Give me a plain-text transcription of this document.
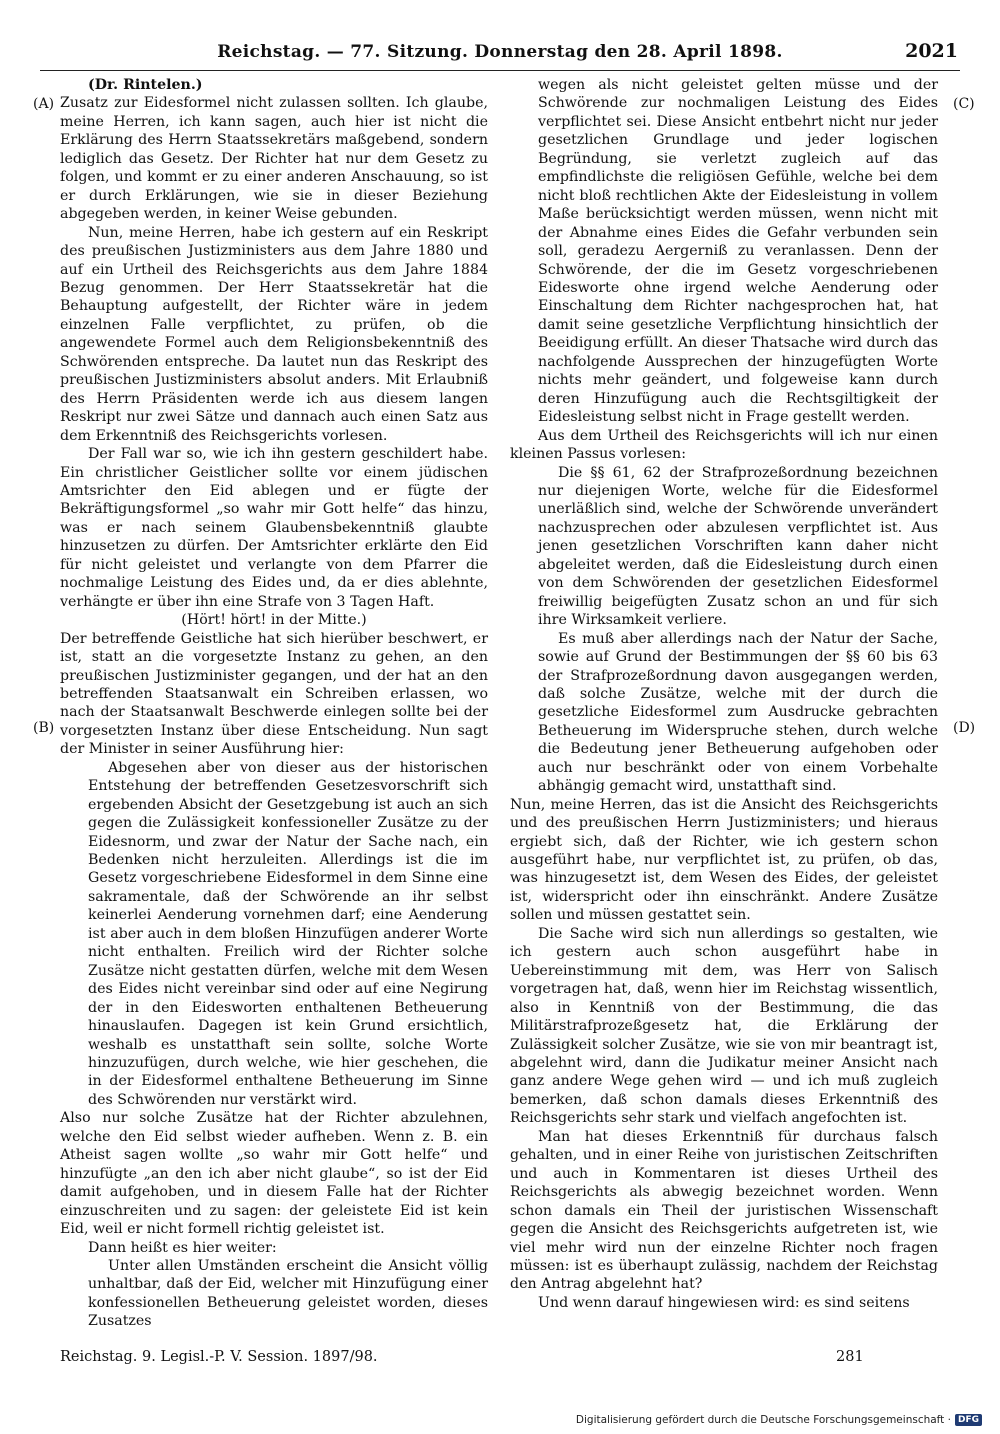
Reichstag. — 77. Sitzung. Donnerstag den 28. April 1898.	2021
(A)
(B)
(C)
(D)

(Dr. Rintelen.)

Zusatz zur Eidesformel nicht zulassen sollten. Ich glaube, meine Herren, ich kann sagen, auch hier ist nicht die Erklärung des Herrn Staatssekretärs maßgebend, sondern lediglich das Gesetz. Der Richter hat nur dem Gesetz zu folgen, und kommt er zu einer anderen Anschauung, so ist er durch Erklärungen, wie sie in dieser Beziehung abgegeben werden, in keiner Weise gebunden.

Nun, meine Herren, habe ich gestern auf ein Reskript des preußischen Justizministers aus dem Jahre 1880 und auf ein Urtheil des Reichsgerichts aus dem Jahre 1884 Bezug genommen. Der Herr Staatssekretär hat die Behauptung aufgestellt, der Richter wäre in jedem einzelnen Falle verpflichtet, zu prüfen, ob die angewendete Formel auch dem Religionsbekenntniß des Schwörenden entspreche. Da lautet nun das Reskript des preußischen Justizministers absolut anders. Mit Erlaubniß des Herrn Präsidenten werde ich aus diesem langen Reskript nur zwei Sätze und dannach auch einen Satz aus dem Erkenntniß des Reichsgerichts vorlesen.

Der Fall war so, wie ich ihn gestern geschildert habe. Ein christlicher Geistlicher sollte vor einem jüdischen Amtsrichter den Eid ablegen und er fügte der Bekräftigungsformel „so wahr mir Gott helfe“ das hinzu, was er nach seinem Glaubensbekenntniß glaubte hinzusetzen zu dürfen. Der Amtsrichter erklärte den Eid für nicht geleistet und verlangte von dem Pfarrer die nochmalige Leistung des Eides und, da er dies ablehnte, verhängte er über ihn eine Strafe von 3 Tagen Haft.

(Hört! hört! in der Mitte.)

Der betreffende Geistliche hat sich hierüber beschwert, er ist, statt an die vorgesetzte Instanz zu gehen, an den preußischen Justizminister gegangen, und der hat an den betreffenden Staatsanwalt ein Schreiben erlassen, wo nach der Staatsanwalt Beschwerde einlegen sollte bei der vorgesetzten Instanz über diese Entscheidung. Nun sagt der Minister in seiner Ausführung hier:

Abgesehen aber von dieser aus der historischen Entstehung der betreffenden Gesetzesvorschrift sich ergebenden Absicht der Gesetzgebung ist auch an sich gegen die Zulässigkeit konfessioneller Zusätze zu der Eidesnorm, und zwar der Natur der Sache nach, ein Bedenken nicht herzuleiten. Allerdings ist die im Gesetz vorgeschriebene Eidesformel in dem Sinne eine sakramentale, daß der Schwörende an ihr selbst keinerlei Aenderung vornehmen darf; eine Aenderung ist aber auch in dem bloßen Hinzufügen anderer Worte nicht enthalten. Freilich wird der Richter solche Zusätze nicht gestatten dürfen, welche mit dem Wesen des Eides nicht vereinbar sind oder auf eine Negirung der in den Eidesworten enthaltenen Betheuerung hinauslaufen. Dagegen ist kein Grund ersichtlich, weshalb es unstatthaft sein sollte, solche Worte hinzuzufügen, durch welche, wie hier geschehen, die in der Eidesformel enthaltene Betheuerung im Sinne des Schwörenden nur verstärkt wird.

Also nur solche Zusätze hat der Richter abzulehnen, welche den Eid selbst wieder aufheben. Wenn z. B. ein Atheist sagen wollte „so wahr mir Gott helfe“ und hinzufügte „an den ich aber nicht glaube“, so ist der Eid damit aufgehoben, und in diesem Falle hat der Richter einzuschreiten und zu sagen: der geleistete Eid ist kein Eid, weil er nicht formell richtig geleistet ist.

Dann heißt es hier weiter:

Unter allen Umständen erscheint die Ansicht völlig unhaltbar, daß der Eid, welcher mit Hinzufügung einer konfessionellen Betheuerung geleistet worden, dieses Zusatzes

wegen als nicht geleistet gelten müsse und der Schwörende zur nochmaligen Leistung des Eides verpflichtet sei. Diese Ansicht entbehrt nicht nur jeder gesetzlichen Grundlage und jeder logischen Begründung, sie verletzt zugleich auf das empfindlichste die religiösen Gefühle, welche bei dem nicht bloß rechtlichen Akte der Eidesleistung in vollem Maße berücksichtigt werden müssen, wenn nicht mit der Abnahme eines Eides die Gefahr verbunden sein soll, geradezu Aergerniß zu veranlassen. Denn der Schwörende, der die im Gesetz vorgeschriebenen Eidesworte ohne irgend welche Aenderung oder Einschaltung dem Richter nachgesprochen hat, hat damit seine gesetzliche Verpflichtung hinsichtlich der Beeidigung erfüllt. An dieser Thatsache wird durch das nachfolgende Aussprechen der hinzugefügten Worte nichts mehr geändert, und folgeweise kann durch deren Hinzufügung auch die Rechtsgiltigkeit der Eidesleistung selbst nicht in Frage gestellt werden.

Aus dem Urtheil des Reichsgerichts will ich nur einen kleinen Passus vorlesen:

Die §§ 61, 62 der Strafprozeßordnung bezeichnen nur diejenigen Worte, welche für die Eidesformel unerläßlich sind, welche der Schwörende unverändert nachzusprechen oder abzulesen verpflichtet ist. Aus jenen gesetzlichen Vorschriften kann daher nicht abgeleitet werden, daß die Eidesleistung durch einen von dem Schwörenden der gesetzlichen Eidesformel freiwillig beigefügten Zusatz schon an und für sich ihre Wirksamkeit verliere.

Es muß aber allerdings nach der Natur der Sache, sowie auf Grund der Bestimmungen der §§ 60 bis 63 der Strafprozeßordnung davon ausgegangen werden, daß solche Zusätze, welche mit der durch die gesetzliche Eidesformel zum Ausdrucke gebrachten Betheuerung im Widerspruche stehen, durch welche die Bedeutung jener Betheuerung aufgehoben oder auch nur beschränkt oder von einem Vorbehalte abhängig gemacht wird, unstatthaft sind.

Nun, meine Herren, das ist die Ansicht des Reichsgerichts und des preußischen Herrn Justizministers; und hieraus ergiebt sich, daß der Richter, wie ich gestern schon ausgeführt habe, nur verpflichtet ist, zu prüfen, ob das, was hinzugesetzt ist, dem Wesen des Eides, der geleistet ist, widerspricht oder ihn einschränkt. Andere Zusätze sollen und müssen gestattet sein.

Die Sache wird sich nun allerdings so gestalten, wie ich gestern auch schon ausgeführt habe in Uebereinstimmung mit dem, was Herr von Salisch vorgetragen hat, daß, wenn hier im Reichstag wissentlich, also in Kenntniß von der Bestimmung, die das Militärstrafprozeßgesetz hat, die Erklärung der Zulässigkeit solcher Zusätze, wie sie von mir beantragt ist, abgelehnt wird, dann die Judikatur meiner Ansicht nach ganz andere Wege gehen wird — und ich muß zugleich bemerken, daß schon damals dieses Erkenntniß des Reichsgerichts sehr stark und vielfach angefochten ist.

Man hat dieses Erkenntniß für durchaus falsch gehalten, und in einer Reihe von juristischen Zeitschriften und auch in Kommentaren ist dieses Urtheil des Reichsgerichts als abwegig bezeichnet worden. Wenn schon damals ein Theil der juristischen Wissenschaft gegen die Ansicht des Reichsgerichts aufgetreten ist, wie viel mehr wird nun der einzelne Richter noch fragen müssen: ist es überhaupt zulässig, nachdem der Reichstag den Antrag abgelehnt hat?

Und wenn darauf hingewiesen wird: es sind seitens

Reichstag. 9. Legisl.-P. V. Session. 1897/98.	281
Digitalisierung gefördert durch die Deutsche Forschungsgemeinschaft · DFG
